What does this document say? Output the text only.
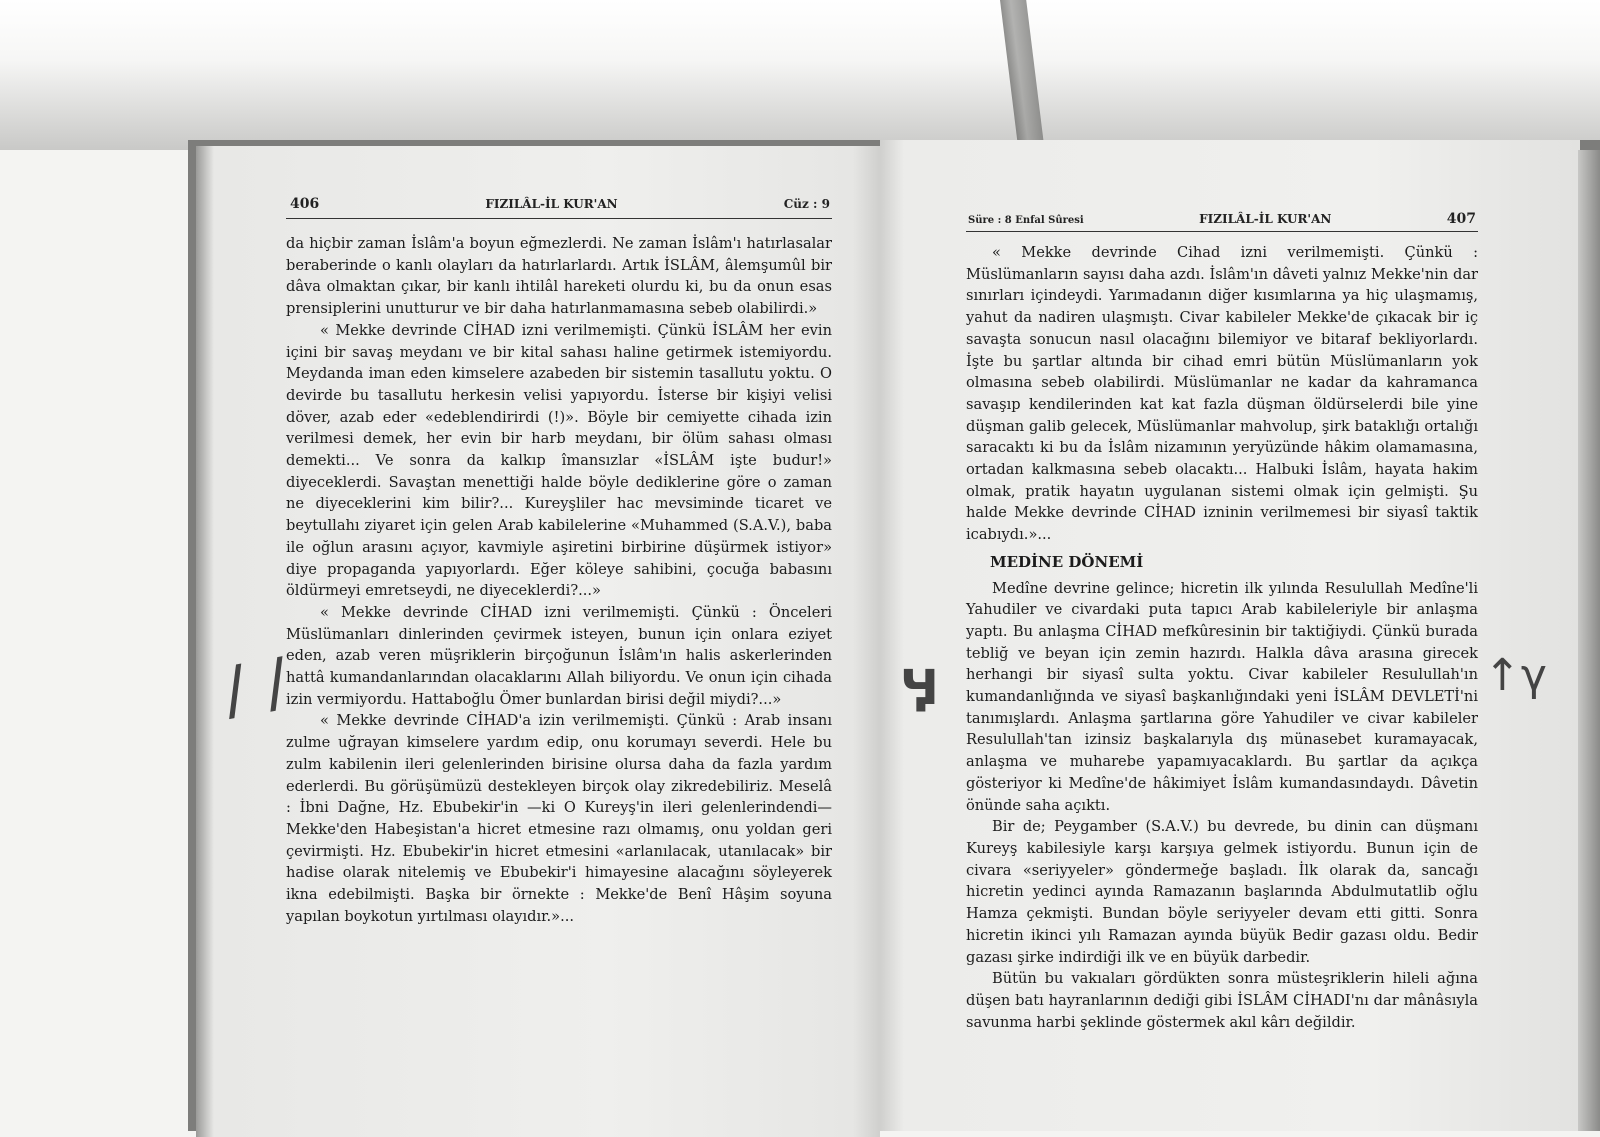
406	FIZILÂL-İL KUR'AN	Cüz : 9

da hiçbir zaman İslâm'a boyun eğmezlerdi. Ne zaman İslâm'ı hatırlasalar beraberinde o kanlı olayları da hatırlarlardı. Artık İSLÂM, âlemşumûl bir dâva olmaktan çıkar, bir kanlı ihtilâl hareketi olurdu ki, bu da onun esas prensiplerini unutturur ve bir daha hatırlanmamasına sebeb olabilirdi.»

« Mekke devrinde CİHAD izni verilmemişti. Çünkü İSLÂM her evin içini bir savaş meydanı ve bir kital sahası haline getirmek istemiyordu. Meydanda iman eden kimselere azabeden bir sistemin tasallutu yoktu. O devirde bu tasallutu herkesin velisi yapıyordu. İsterse bir kişiyi velisi döver, azab eder «edeblendirirdi (!)». Böyle bir cemiyette cihada izin verilmesi demek, her evin bir harb meydanı, bir ölüm sahası olması demekti... Ve sonra da kalkıp îmansızlar «İSLÂM işte budur!» diyeceklerdi. Savaştan menettiği halde böyle dediklerine göre o zaman ne diyeceklerini kim bilir?... Kureyşliler hac mevsiminde ticaret ve beytullahı ziyaret için gelen Arab kabilelerine «Muhammed (S.A.V.), baba ile oğlun arasını açıyor, kavmiyle aşiretini birbirine düşürmek istiyor» diye propaganda yapıyorlardı. Eğer köleye sahibini, çocuğa babasını öldürmeyi emretseydi, ne diyeceklerdi?...»

« Mekke devrinde CİHAD izni verilmemişti. Çünkü : Önceleri Müslümanları dinlerinden çevirmek isteyen, bunun için onlara eziyet eden, azab veren müşriklerin birçoğunun İslâm'ın halis askerlerinden hattâ kumandanlarından olacaklarını Allah biliyordu. Ve onun için cihada izin vermiyordu. Hattaboğlu Ömer bunlardan birisi değil miydi?...»

« Mekke devrinde CİHAD'a izin verilmemişti. Çünkü : Arab insanı zulme uğrayan kimselere yardım edip, onu korumayı severdi. Hele bu zulm kabilenin ileri gelenlerinden birisine olursa daha da fazla yardım ederlerdi. Bu görüşümüzü destekleyen birçok olay zikredebiliriz. Meselâ : İbni Dağne, Hz. Ebubekir'in —ki O Kureyş'in ileri gelenlerindendi— Mekke'den Habeşistan'a hicret etmesine razı olmamış, onu yoldan geri çevirmişti. Hz. Ebubekir'in hicret etmesini «arlanılacak, utanılacak» bir hadise olarak nitelemiş ve Ebubekir'i himayesine alacağını söyleyerek ikna edebilmişti. Başka bir örnekte : Mekke'de Benî Hâşim soyuna yapılan boykotun yırtılması olayıdır.»...

/ /
Süre : 8 Enfal Sûresi	FIZILÂL-İL KUR'AN	407

« Mekke devrinde Cihad izni verilmemişti. Çünkü : Müslümanların sayısı daha azdı. İslâm'ın dâveti yalnız Mekke'nin dar sınırları içindeydi. Yarımadanın diğer kısımlarına ya hiç ulaşmamış, yahut da nadiren ulaşmıştı. Civar kabileler Mekke'de çıkacak bir iç savaşta sonucun nasıl olacağını bilemiyor ve bitaraf bekliyorlardı. İşte bu şartlar altında bir cihad emri bütün Müslümanların yok olmasına sebeb olabilirdi. Müslümanlar ne kadar da kahramanca savaşıp kendilerinden kat kat fazla düşman öldürselerdi bile yine düşman galib gelecek, Müslümanlar mahvolup, şirk bataklığı ortalığı saracaktı ki bu da İslâm nizamının yeryüzünde hâkim olamamasına, ortadan kalkmasına sebeb olacaktı... Halbuki İslâm, hayata hakim olmak, pratik hayatın uygulanan sistemi olmak için gelmişti. Şu halde Mekke devrinde CİHAD izninin verilmemesi bir siyasî taktik icabıydı.»...

MEDİNE DÖNEMİ

Medîne devrine gelince; hicretin ilk yılında Resulullah Medîne'li Yahudiler ve civardaki puta tapıcı Arab kabileleriyle bir anlaşma yaptı. Bu anlaşma CİHAD mefkûresinin bir taktiğiydi. Çünkü burada tebliğ ve beyan için zemin hazırdı. Halkla dâva arasına girecek herhangi bir siyasî sulta yoktu. Civar kabileler Resulullah'ın kumandanlığında ve siyasî başkanlığındaki yeni İSLÂM DEVLETİ'ni tanımışlardı. Anlaşma şartlarına göre Yahudiler ve civar kabileler Resulullah'tan izinsiz başkalarıyla dış münasebet kuramayacak, anlaşma ve muharebe yapamıyacaklardı. Bu şartlar da açıkça gösteriyor ki Medîne'de hâkimiyet İslâm kumandasındaydı. Dâvetin önünde saha açıktı.

Bir de; Peygamber (S.A.V.) bu devrede, bu dinin can düşmanı Kureyş kabilesiyle karşı karşıya gelmek istiyordu. Bunun için de civara «seriyyeler» göndermeğe başladı. İlk olarak da, sancağı hicretin yedinci ayında Ramazanın başlarında Abdulmutatlib oğlu Hamza çekmişti. Bundan böyle seriyyeler devam etti gitti. Sonra hicretin ikinci yılı Ramazan ayında büyük Bedir gazası oldu. Bedir gazası şirke indirdiği ilk ve en büyük darbedir.

Bütün bu vakıaları gördükten sonra müsteşriklerin hileli ağına düşen batı hayranlarının dediği gibi İSLÂM CİHADI'nı dar mânâsıyla savunma harbi şeklinde göstermek akıl kârı değildir.

Ӌ	↑γ
